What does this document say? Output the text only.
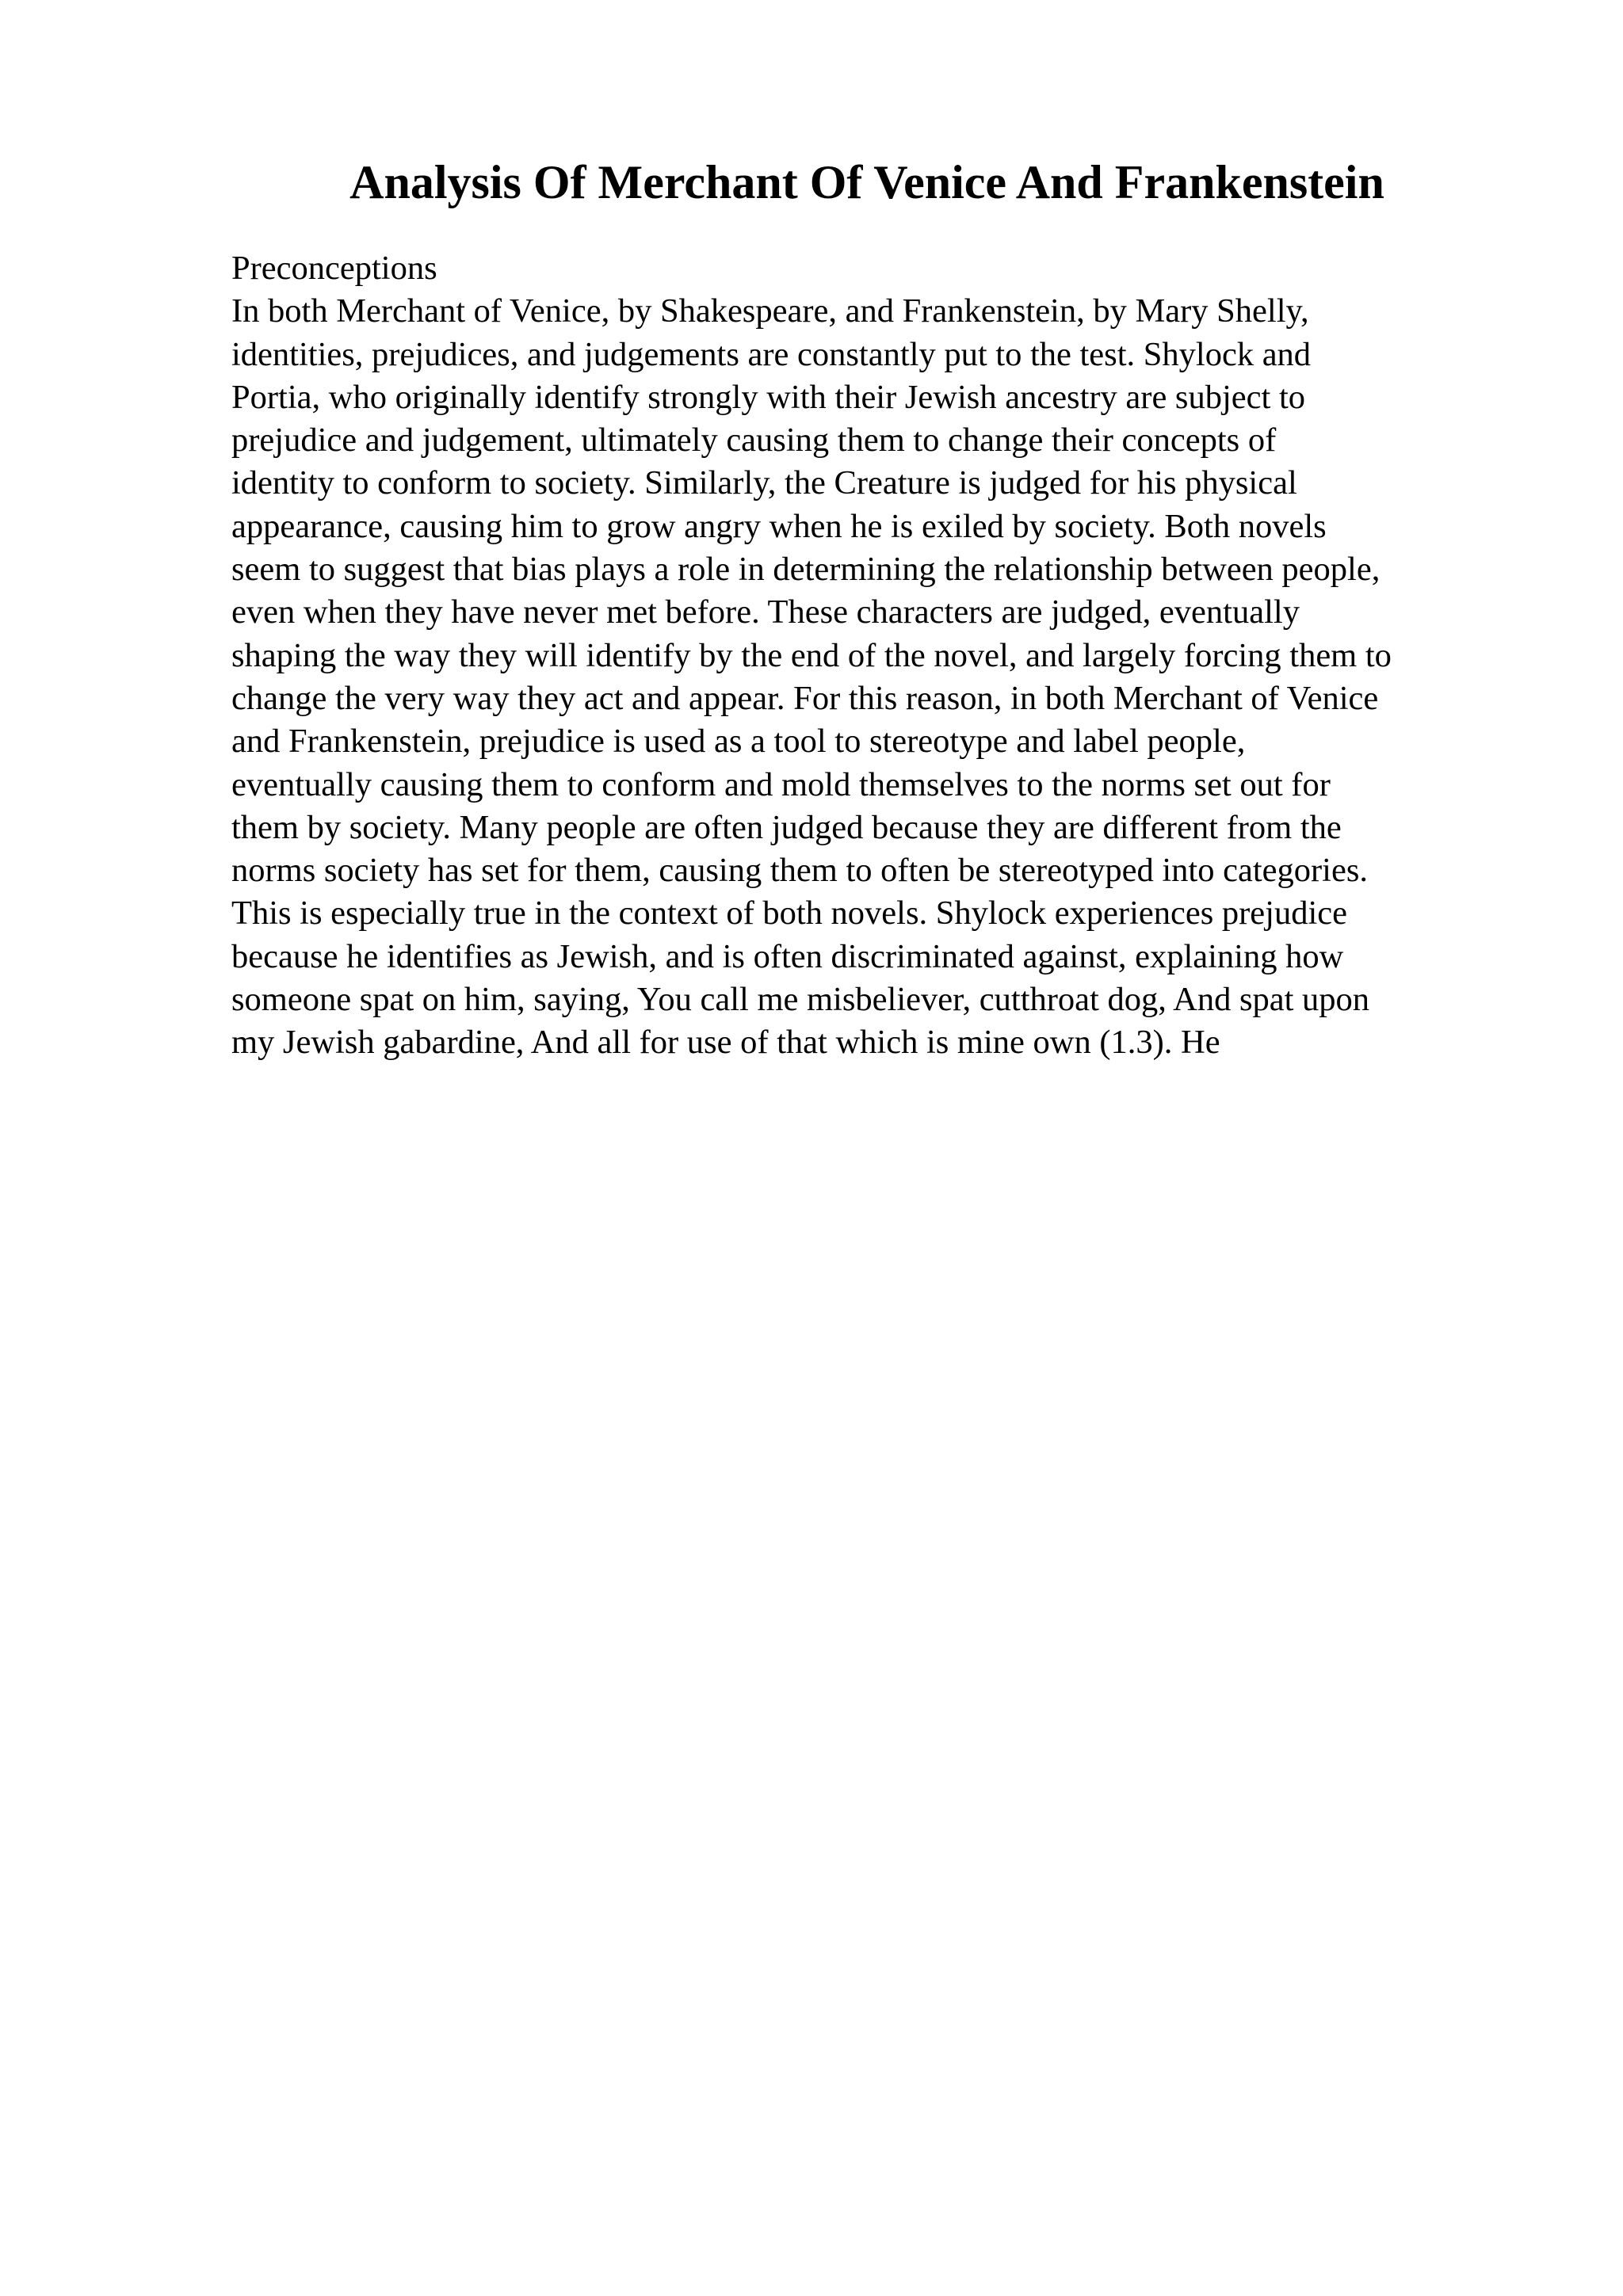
Analysis Of Merchant Of Venice And Frankenstein
Preconceptions
In both Merchant of Venice, by Shakespeare, and Frankenstein, by Mary Shelly,
identities, prejudices, and judgements are constantly put to the test. Shylock and
Portia, who originally identify strongly with their Jewish ancestry are subject to
prejudice and judgement, ultimately causing them to change their concepts of
identity to conform to society. Similarly, the Creature is judged for his physical
appearance, causing him to grow angry when he is exiled by society. Both novels
seem to suggest that bias plays a role in determining the relationship between people,
even when they have never met before. These characters are judged, eventually
shaping the way they will identify by the end of the novel, and largely forcing them to
change the very way they act and appear. For this reason, in both Merchant of Venice
and Frankenstein, prejudice is used as a tool to stereotype and label people,
eventually causing them to conform and mold themselves to the norms set out for
them by society. Many people are often judged because they are different from the
norms society has set for them, causing them to often be stereotyped into categories.
This is especially true in the context of both novels. Shylock experiences prejudice
because he identifies as Jewish, and is often discriminated against, explaining how
someone spat on him, saying, You call me misbeliever, cutthroat dog, And spat upon
my Jewish gabardine, And all for use of that which is mine own (1.3). He
